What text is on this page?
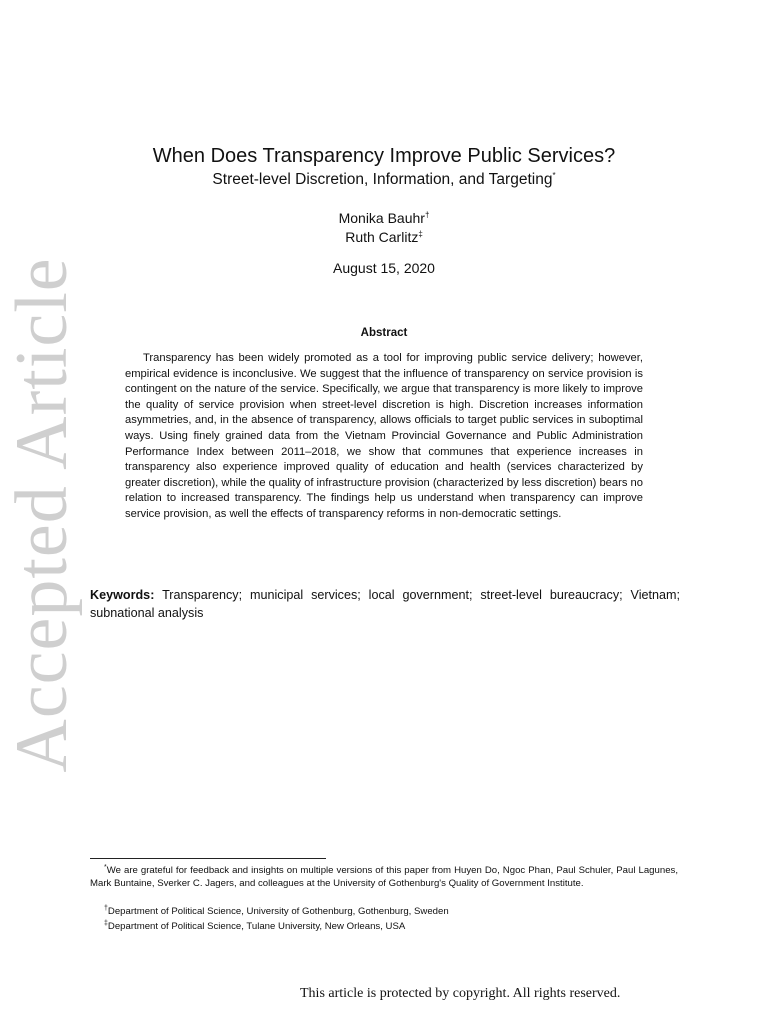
Accepted Article
When Does Transparency Improve Public Services?
Street-level Discretion, Information, and Targeting*
Monika Bauhr†
Ruth Carlitz‡
August 15, 2020
Abstract

Transparency has been widely promoted as a tool for improving public service delivery; however, empirical evidence is inconclusive. We suggest that the influence of transparency on service provision is contingent on the nature of the service. Specifically, we argue that transparency is more likely to improve the quality of service provision when street-level discretion is high. Discretion increases information asymmetries, and, in the absence of transparency, allows officials to target public services in suboptimal ways. Using finely grained data from the Vietnam Provincial Governance and Public Administration Performance Index between 2011–2018, we show that communes that experience increases in transparency also experience improved quality of education and health (services characterized by greater discretion), while the quality of infrastructure provision (characterized by less discretion) bears no relation to increased transparency. The findings help us understand when transparency can improve service provision, as well the effects of transparency reforms in non-democratic settings.

Keywords: Transparency; municipal services; local government; street-level bureaucracy; Vietnam; subnational analysis

*We are grateful for feedback and insights on multiple versions of this paper from Huyen Do, Ngoc Phan, Paul Schuler, Paul Lagunes, Mark Buntaine, Sverker C. Jagers, and colleagues at the University of Gothenburg's Quality of Government Institute.

†Department of Political Science, University of Gothenburg, Gothenburg, Sweden

‡Department of Political Science, Tulane University, New Orleans, USA

This article is protected by copyright. All rights reserved.
